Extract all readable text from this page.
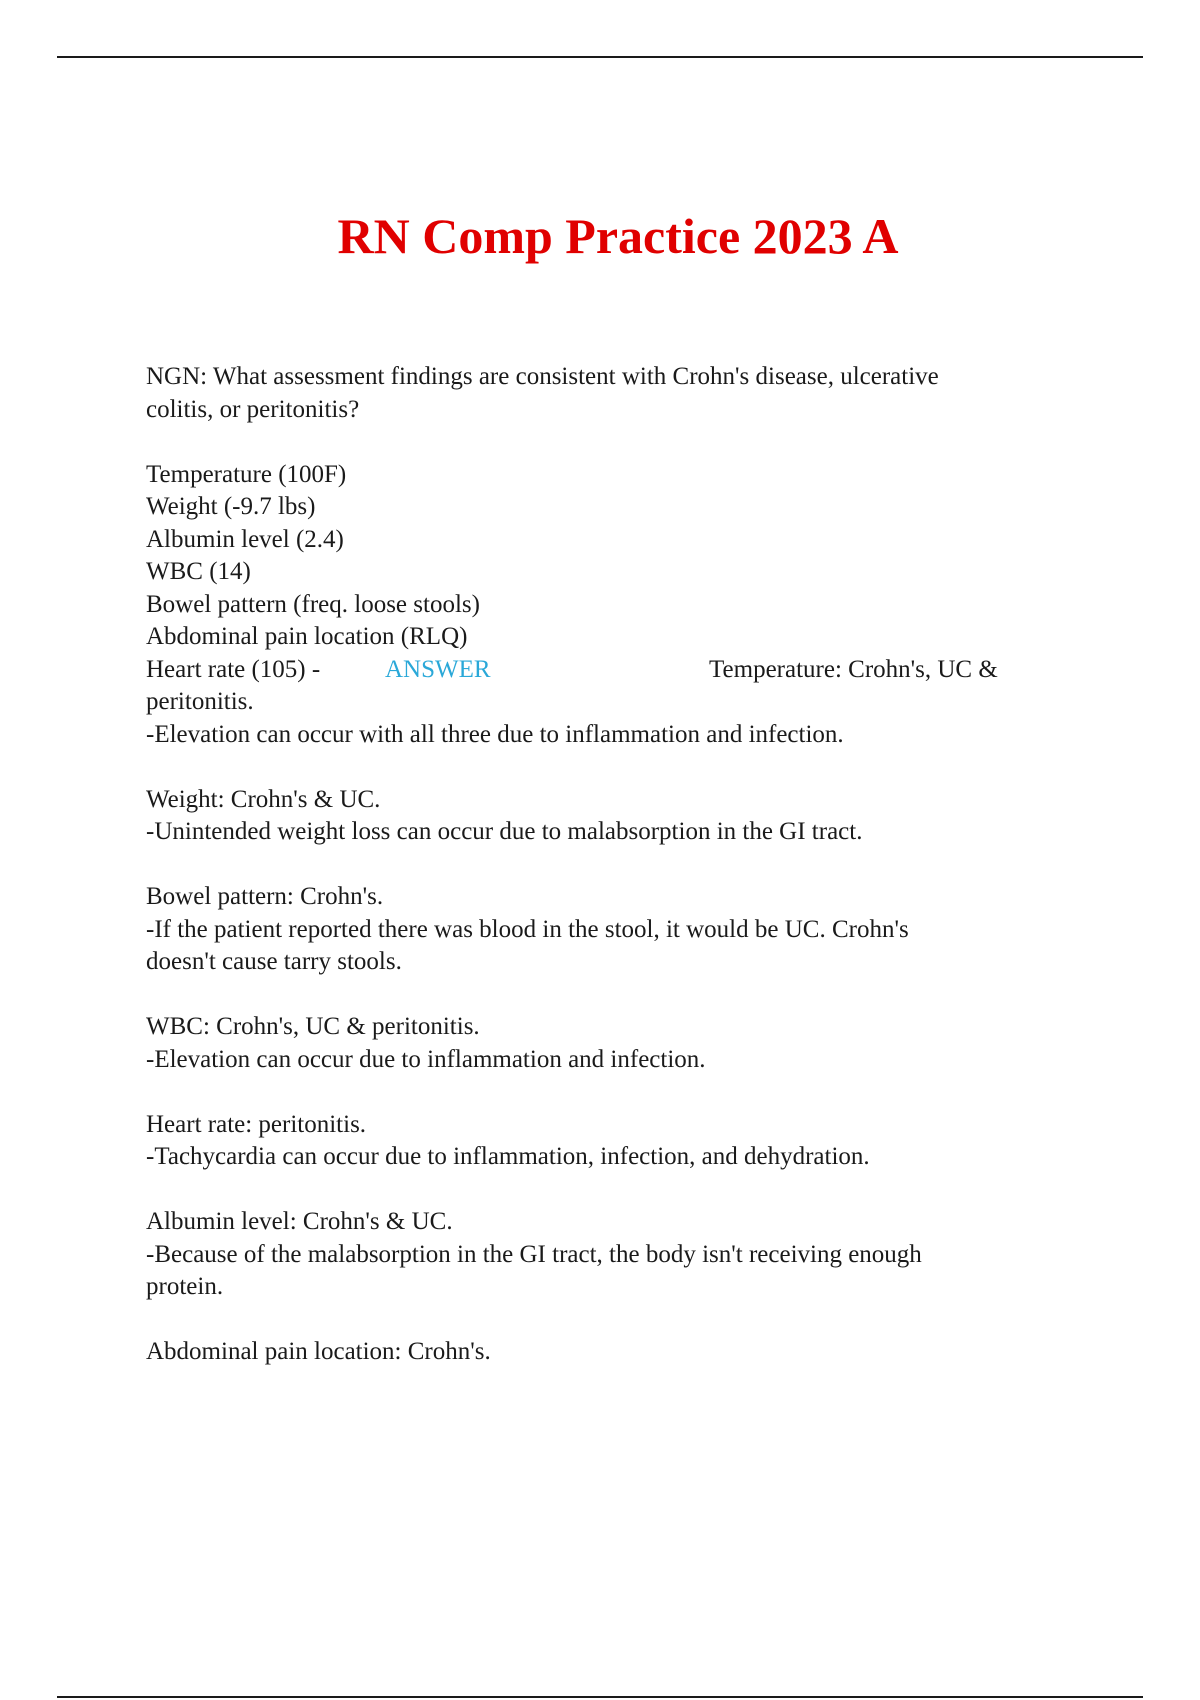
RN Comp Practice 2023 A
NGN: What assessment findings are consistent with Crohn's disease, ulcerative
colitis, or peritonitis?
Temperature (100F)
Weight (-9.7 lbs)
Albumin level (2.4)
WBC (14)
Bowel pattern (freq. loose stools)
Abdominal pain location (RLQ)
Heart rate (105) -	ANSWER	Temperature: Crohn's, UC &
peritonitis.
-Elevation can occur with all three due to inflammation and infection.
Weight: Crohn's & UC.
-Unintended weight loss can occur due to malabsorption in the GI tract.
Bowel pattern: Crohn's.
-If the patient reported there was blood in the stool, it would be UC. Crohn's
doesn't cause tarry stools.
WBC: Crohn's, UC & peritonitis.
-Elevation can occur due to inflammation and infection.
Heart rate: peritonitis.
-Tachycardia can occur due to inflammation, infection, and dehydration.
Albumin level: Crohn's & UC.
-Because of the malabsorption in the GI tract, the body isn't receiving enough
protein.
Abdominal pain location: Crohn's.
